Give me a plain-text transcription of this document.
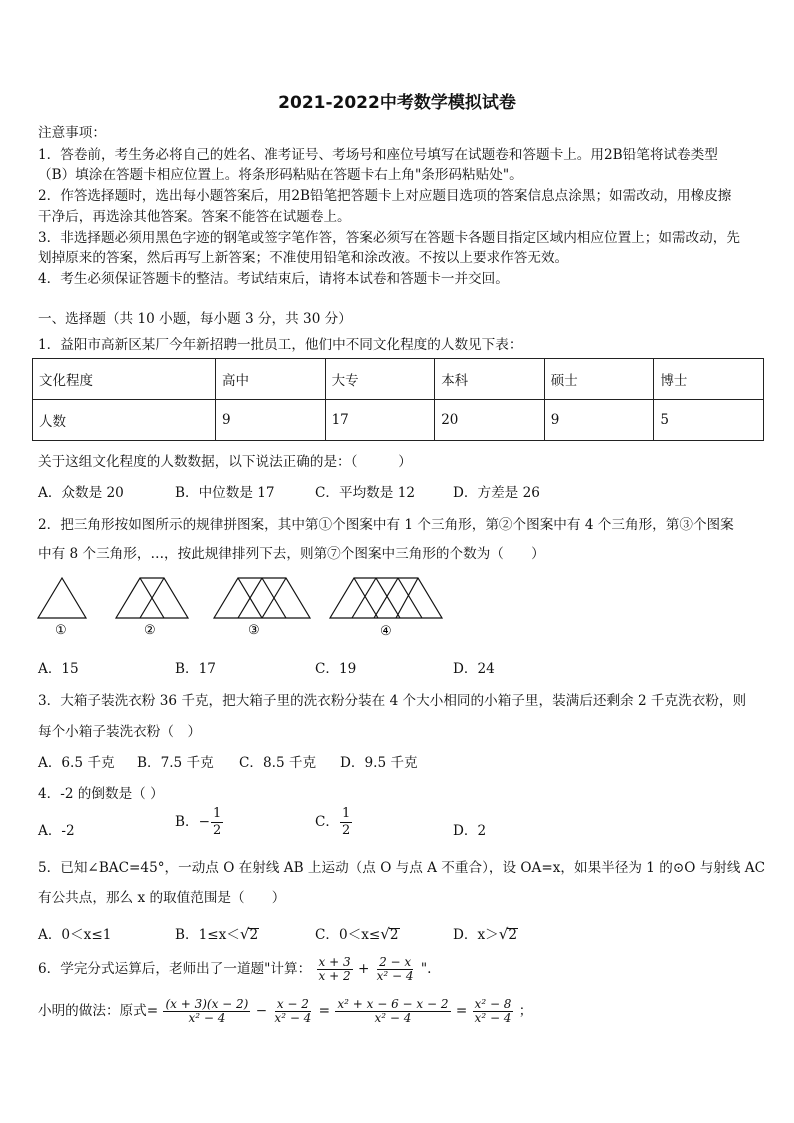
2021-2022中考数学模拟试卷
注意事项：
1．答卷前，考生务必将自己的姓名、准考证号、考场号和座位号填写在试题卷和答题卡上。用2B铅笔将试卷类型
（B）填涂在答题卡相应位置上。将条形码粘贴在答题卡右上角"条形码粘贴处"。
2．作答选择题时，选出每小题答案后，用2B铅笔把答题卡上对应题目选项的答案信息点涂黑；如需改动，用橡皮擦
干净后，再选涂其他答案。答案不能答在试题卷上。
3．非选择题必须用黑色字迹的钢笔或签字笔作答，答案必须写在答题卡各题目指定区域内相应位置上；如需改动，先
划掉原来的答案，然后再写上新答案；不准使用铅笔和涂改液。不按以上要求作答无效。
4．考生必须保证答题卡的整洁。考试结束后，请将本试卷和答题卡一并交回。
一、选择题（共 10 小题，每小题 3 分，共 30 分）
1．益阳市高新区某厂今年新招聘一批员工，他们中不同文化程度的人数见下表：
文化程度	高中	大专	本科	硕士	博士
人数	9	17	20	9	5
关于这组文化程度的人数数据，以下说法正确的是：（　　　）
A．众数是 20	B．中位数是 17	C．平均数是 12	D．方差是 26
2．把三角形按如图所示的规律拼图案，其中第①个图案中有 1 个三角形，第②个图案中有 4 个三角形，第③个图案
中有 8 个三角形，…，按此规律排列下去，则第⑦个图案中三角形的个数为（　　）
①	②	③	④
A．15	B．17	C．19	D．24
3．大箱子装洗衣粉 36 千克，把大箱子里的洗衣粉分装在 4 个大小相同的小箱子里，装满后还剩余 2 千克洗衣粉，则
每个小箱子装洗衣粉（　）
A．6.5 千克 B．7.5 千克 C．8.5 千克 D．9.5 千克
4．-2 的倒数是（ ）
A．-2
B．− $\frac{1}{2}$	C． $\frac{1}{2}$	D．2
5．已知∠BAC=45°，一动点 O 在射线 AB 上运动（点 O 与点 A 不重合），设 OA=x，如果半径为 1 的⊙O 与射线 AC
有公共点，那么 x 的取值范围是（　　）
A．0＜x≤1	B．1≤x＜√2	C．0＜x≤√2	D．x＞√2
6．学完分式运算后，老师出了一道题"计算： $\frac{x + 3}{x + 2} + \frac{2 - x}{\text{x² − 4}}$ ".
小明的做法：原式= $\frac{(x + 3)(x - 2)}{\text{x² − 4}} - \frac{x - 2}{\text{x² − 4}} = \frac{\text{x² + x − 6 − x − 2}}{\text{x² − 4}} = \frac{\text{x² − 8}}{\text{x² − 4}}$ ；
